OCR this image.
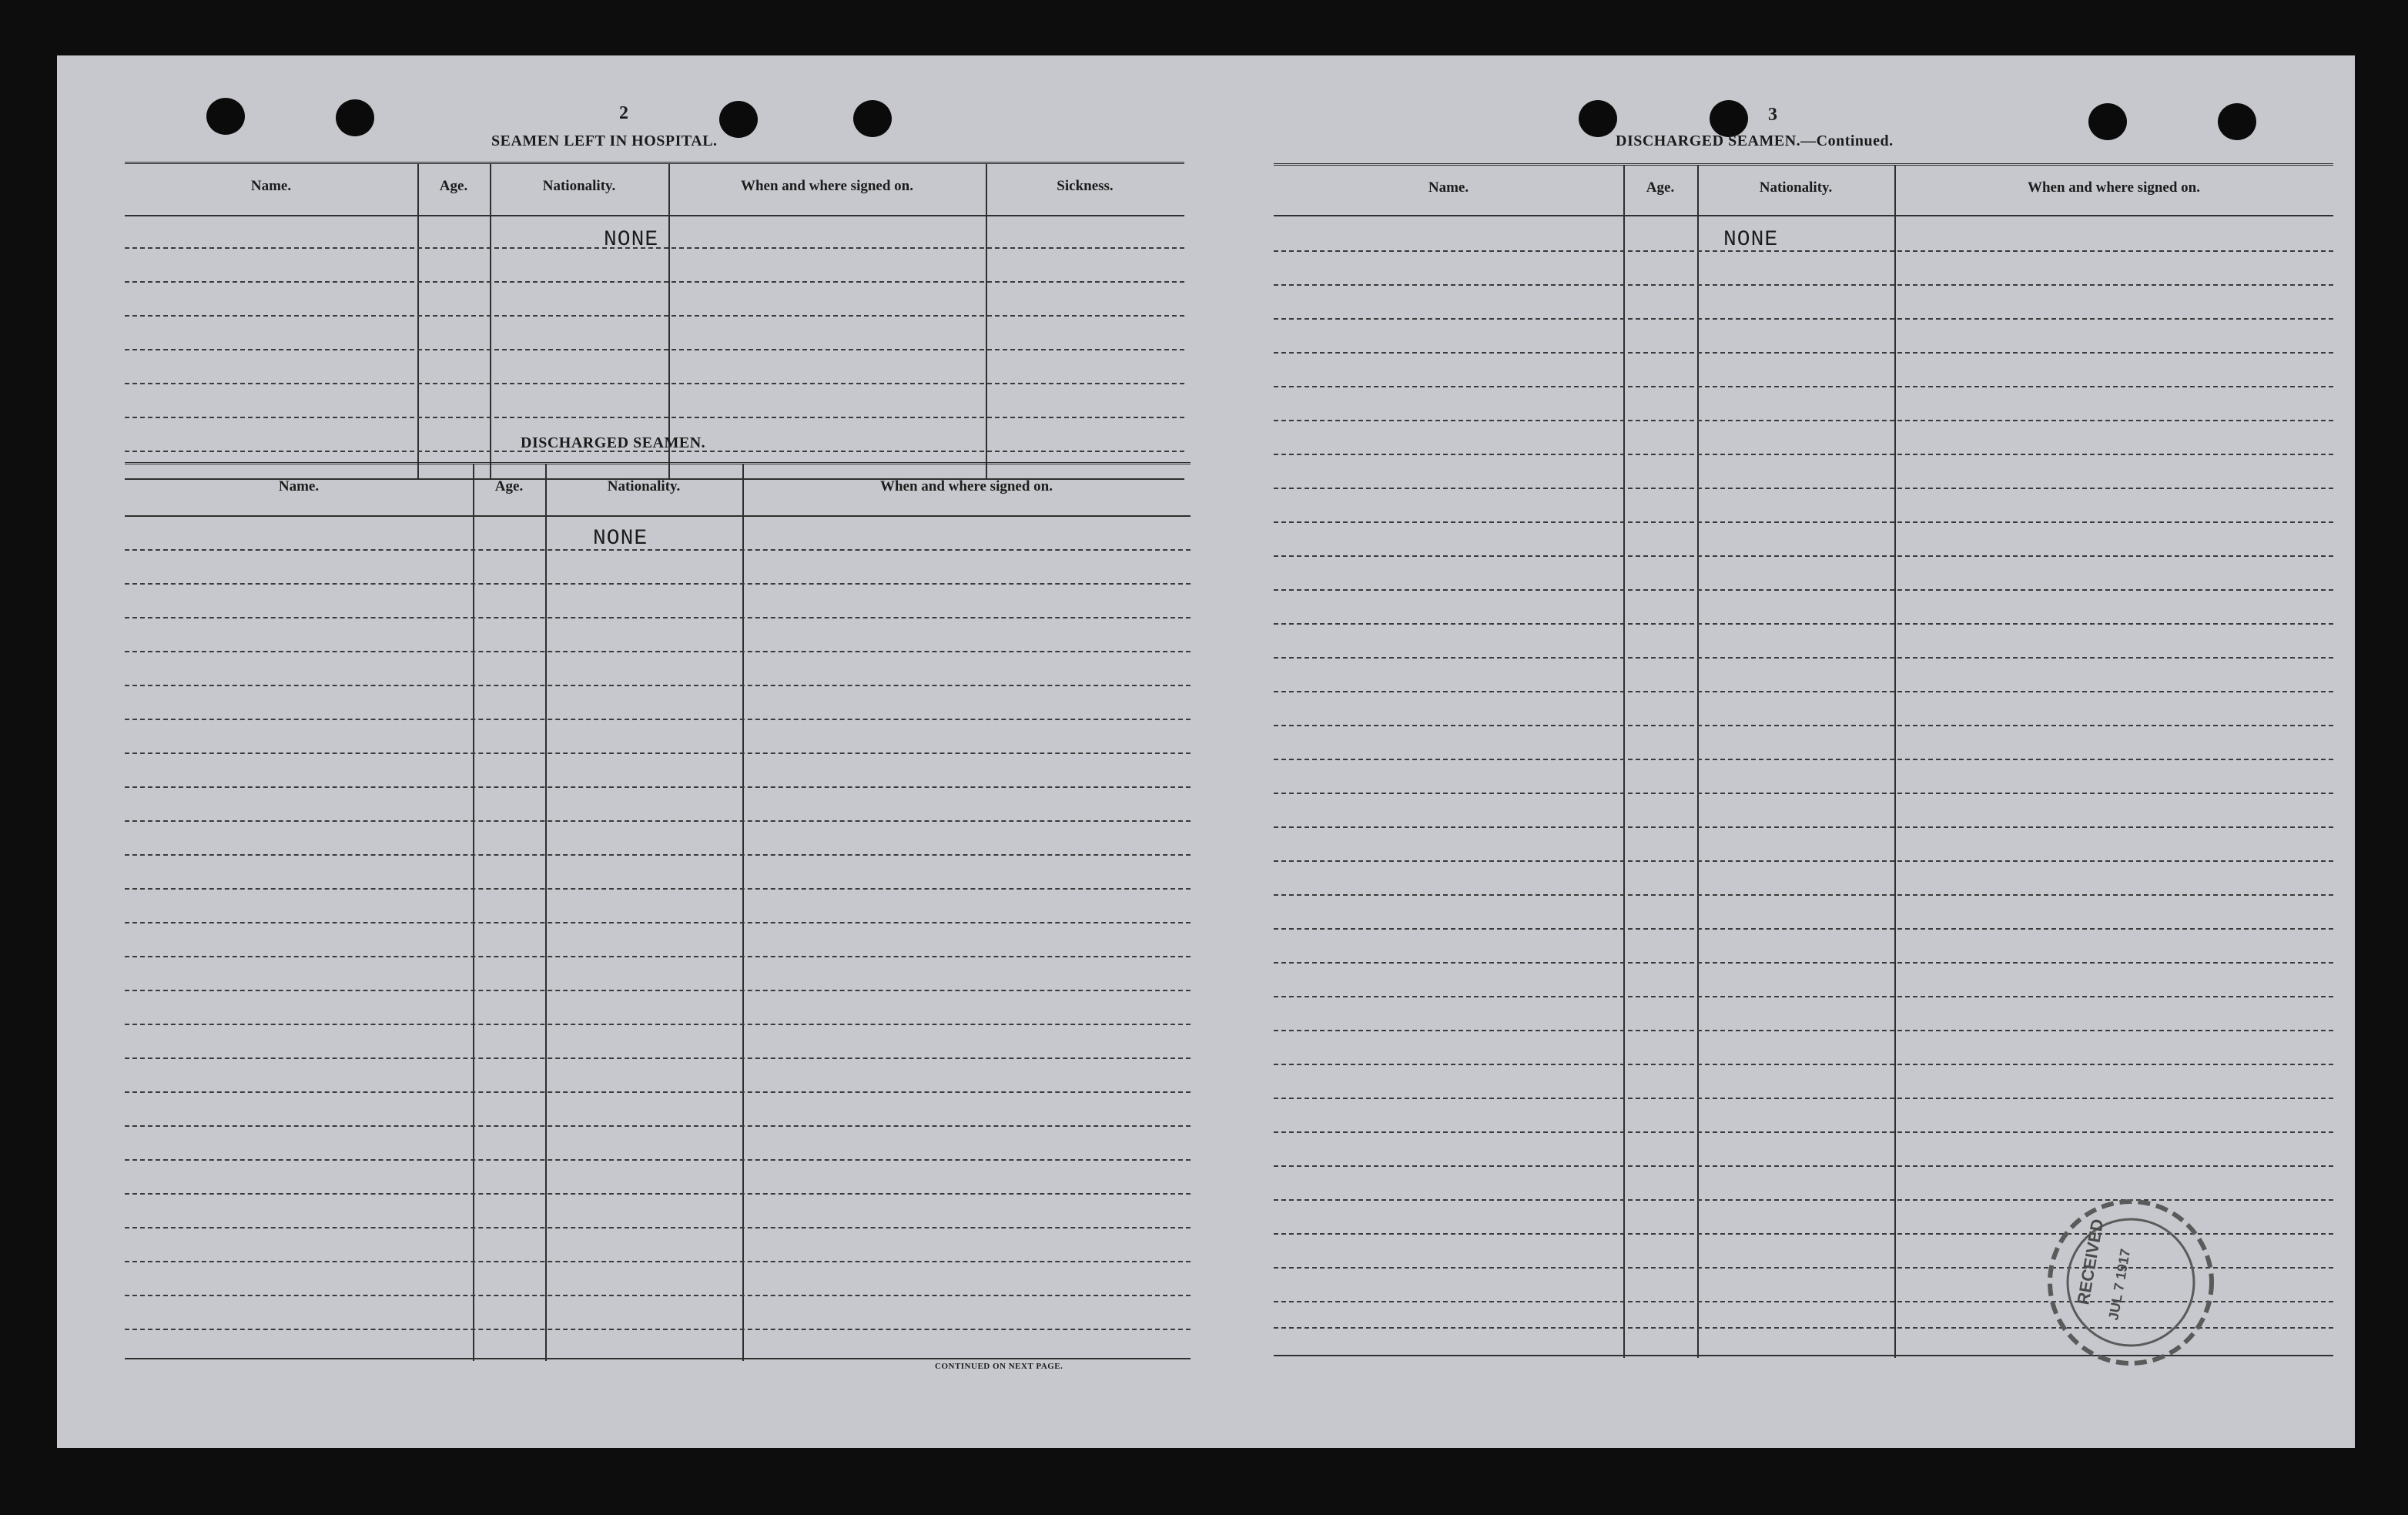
2
SEAMEN LEFT IN HOSPITAL.
Name.	Age.	Nationality.	When and where signed on.	Sickness.
NONE
DISCHARGED SEAMEN.
Name.	Age.	Nationality.	When and where signed on.
NONE
CONTINUED ON NEXT PAGE.
3
DISCHARGED SEAMEN.—Continued.
Name.	Age.	Nationality.	When and where signed on.
NONE
RECEIVED
JUL 7 1917
